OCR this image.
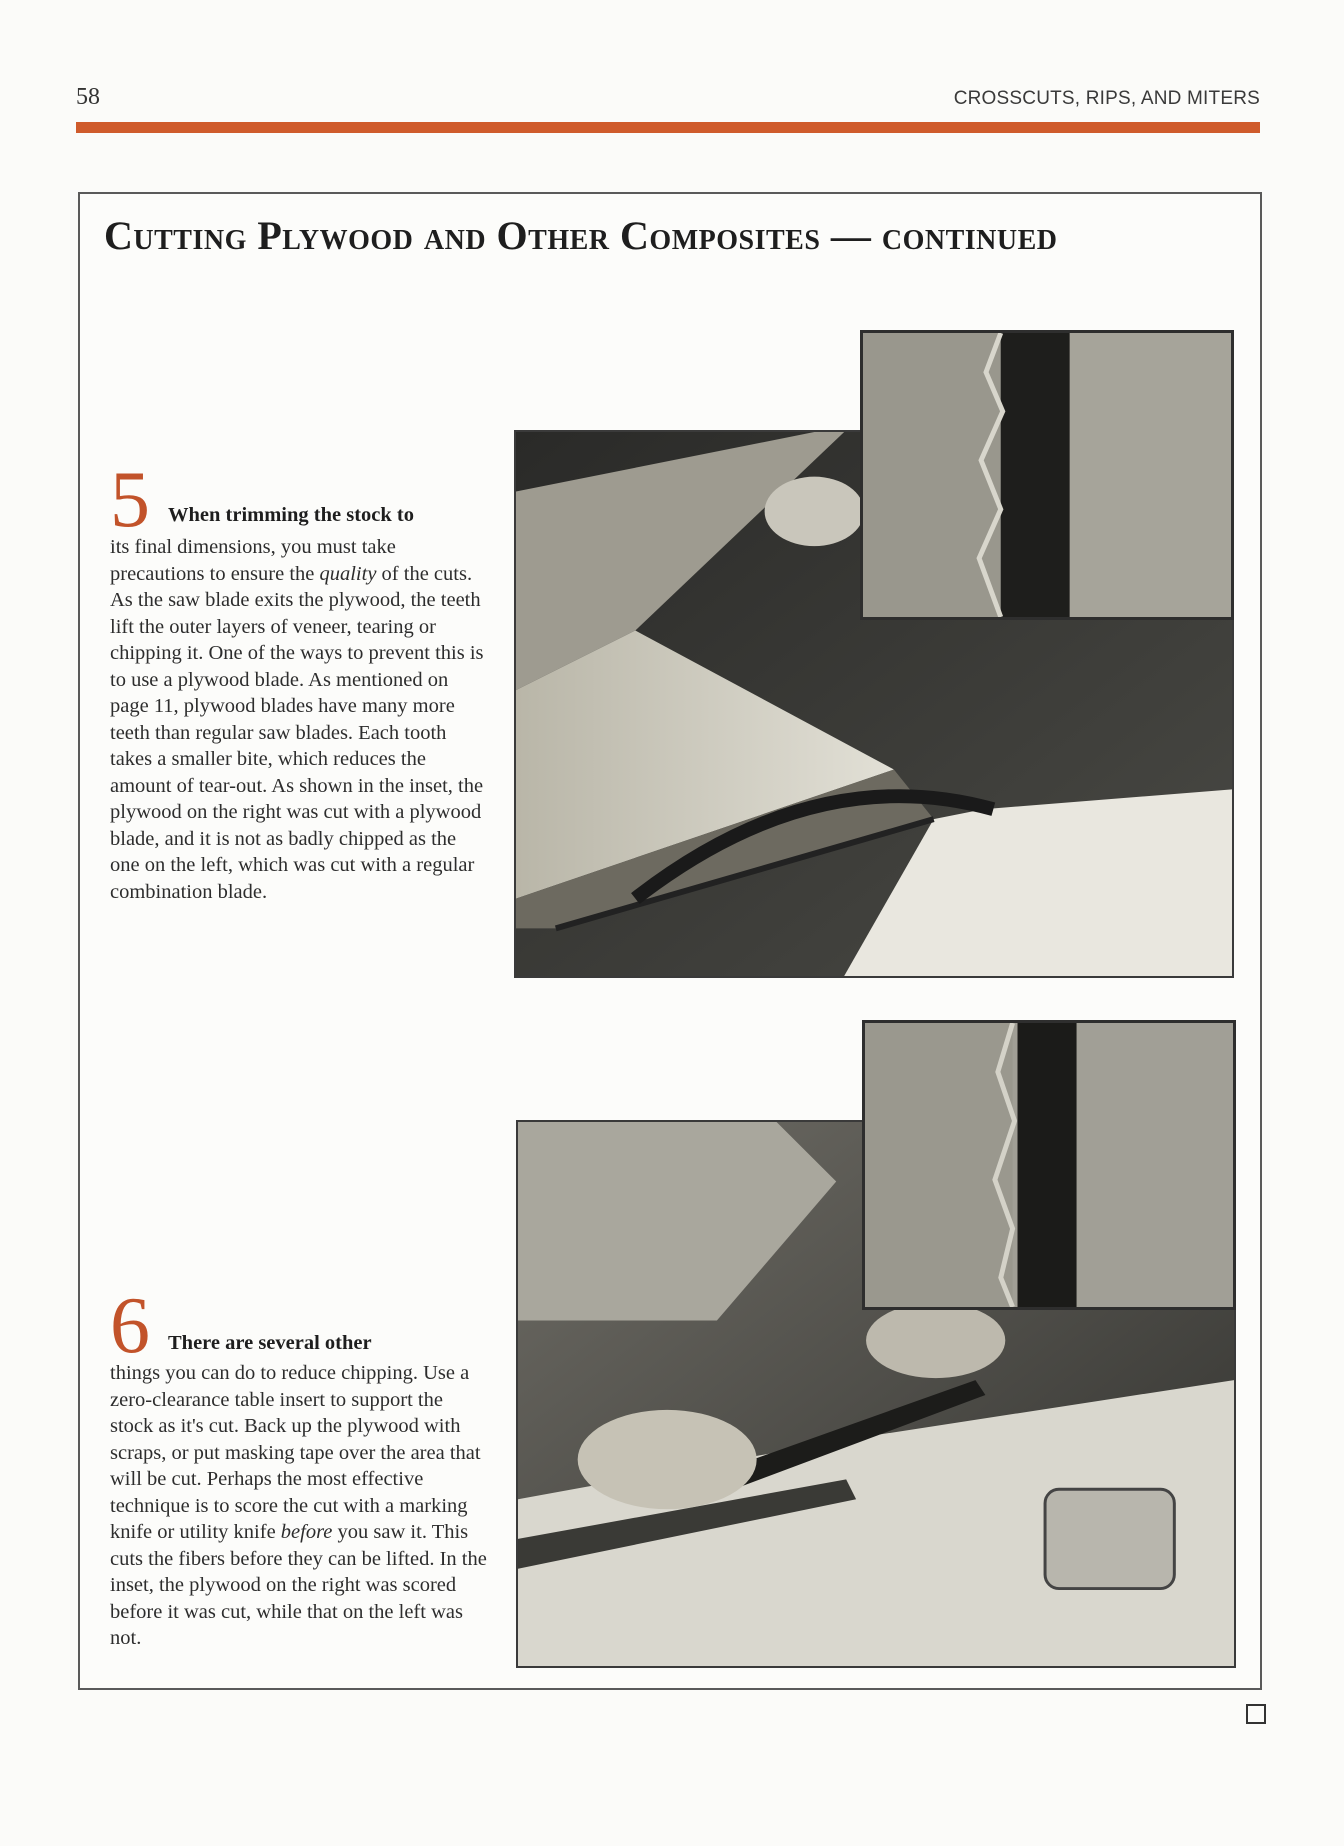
58	CROSSCUTS, RIPS, AND MITERS
Cutting Plywood and Other Composites — continued
5 When trimming the stock to
its final dimensions, you must take precautions to ensure the quality of the cuts. As the saw blade exits the plywood, the teeth lift the outer layers of veneer, tearing or chipping it. One of the ways to prevent this is to use a plywood blade. As mentioned on page 11, plywood blades have many more teeth than regular saw blades. Each tooth takes a smaller bite, which reduces the amount of tear-out. As shown in the inset, the plywood on the right was cut with a plywood blade, and it is not as badly chipped as the one on the left, which was cut with a regular combination blade.
6 There are several other
things you can do to reduce chipping. Use a zero-clearance table insert to support the stock as it's cut. Back up the plywood with scraps, or put masking tape over the area that will be cut. Perhaps the most effective technique is to score the cut with a marking knife or utility knife before you saw it. This cuts the fibers before they can be lifted. In the inset, the plywood on the right was scored before it was cut, while that on the left was not.
